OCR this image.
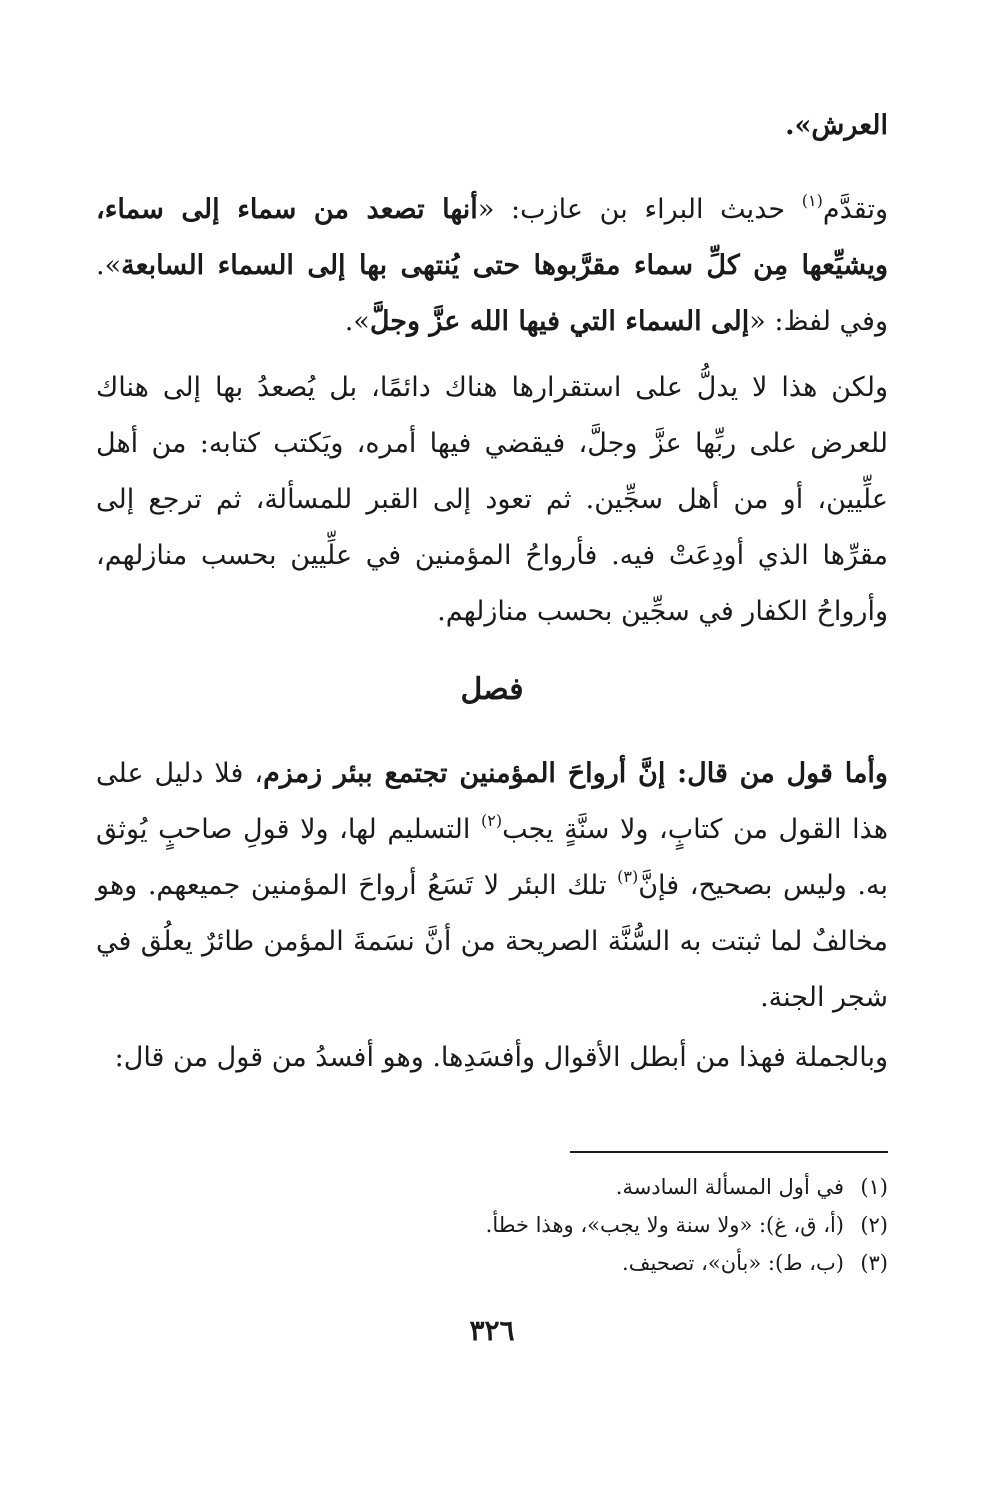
العرش».

وتقدَّم$^{(١)}$ حديث البراء بن عازب: «أنها تصعد من سماء إلى سماء، ويشيِّعها مِن كلِّ سماء مقرَّبوها حتى يُنتهى بها إلى السماء السابعة». وفي لفظ: «إلى السماء التي فيها الله عزَّ وجلَّ».

ولكن هذا لا يدلُّ على استقرارها هناك دائمًا، بل يُصعدُ بها إلى هناك للعرض على ربِّها عزَّ وجلَّ، فيقضي فيها أمره، ويَكتب كتابه: من أهل علِّيين، أو من أهل سجِّين. ثم تعود إلى القبر للمسألة، ثم ترجع إلى مقرِّها الذي أودِعَتْ فيه. فأرواحُ المؤمنين في علِّيين بحسب منازلهم، وأرواحُ الكفار في سجِّين بحسب منازلهم.

فصل

وأما قول من قال: إنَّ أرواحَ المؤمنين تجتمع ببئر زمزم، فلا دليل على هذا القول من كتابٍ، ولا سنَّةٍ يجب$^{(٢)}$ التسليم لها، ولا قولِ صاحبٍ يُوثق به. وليس بصحيح، فإنَّ$^{(٣)}$ تلك البئر لا تَسَعُ أرواحَ المؤمنين جميعهم. وهو مخالفٌ لما ثبتت به السُّنَّة الصريحة من أنَّ نسَمةَ المؤمن طائرٌ يعلُق في شجر الجنة.

وبالجملة فهذا من أبطل الأقوال وأفسَدِها. وهو أفسدُ من قول من قال:

(١)في أول المسألة السادسة.
(٢)(أ، ق، غ): «ولا سنة ولا يجب»، وهذا خطأ.
(٣)(ب، ط): «بأن»، تصحيف.
٣٢٦
